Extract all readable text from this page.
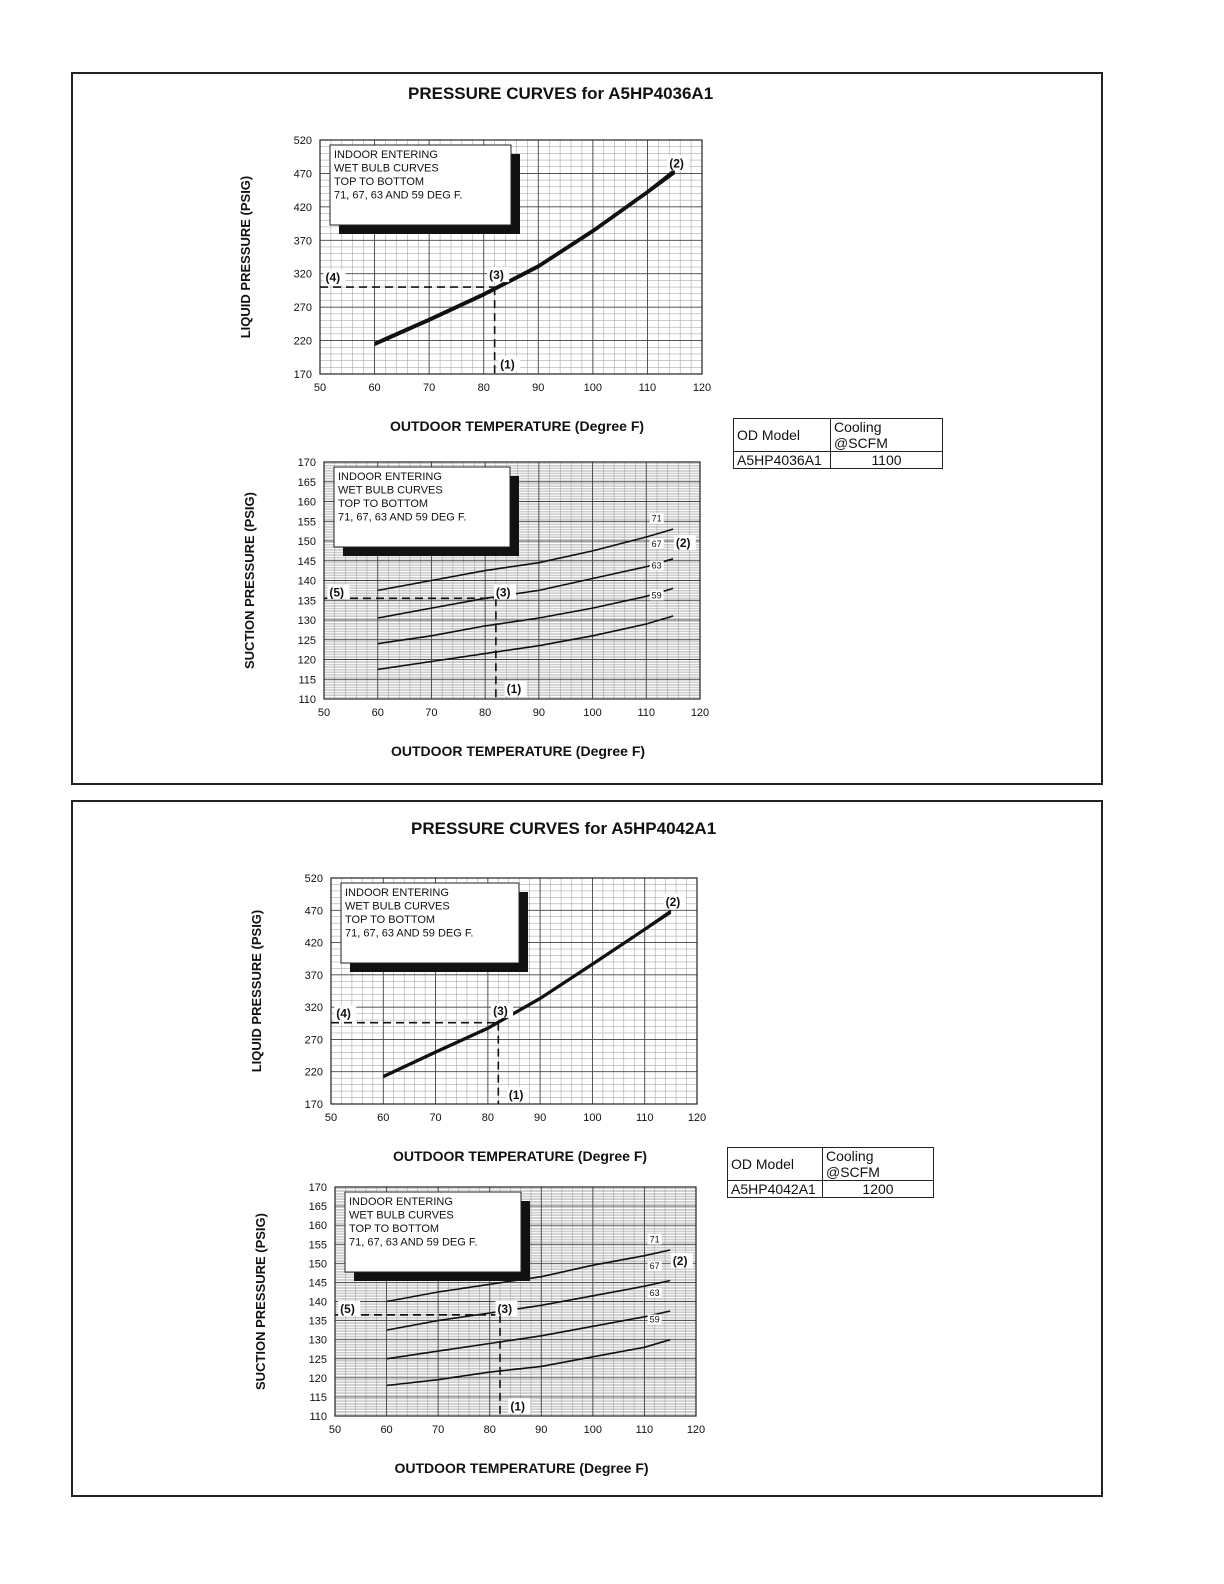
PRESSURE CURVES for A5HP4036A1
OD Model	Cooling @SCFM
A5HP4036A1	1100
PRESSURE CURVES for A5HP4042A1
OD Model	Cooling @SCFM
A5HP4042A1	1200
50	60	70	80	90	100	110	120
170
220
270
320
370
420
470
520
OUTDOOR TEMPERATURE (Degree F)
LIQUID PRESSURE (PSIG)
(1)
(2)
(3)
(4)
INDOOR ENTERING
WET BULB CURVES
TOP TO BOTTOM
71, 67, 63 AND 59 DEG F.
50	60	70	80	90	100	110	120
110
115
120
125
130
135
140
145
150
155
160
165
170
OUTDOOR TEMPERATURE (Degree F)
SUCTION PRESSURE (PSIG)	71
67
63
59
(1)
(2)
(3)
(5)
INDOOR ENTERING
WET BULB CURVES
TOP TO BOTTOM
71, 67, 63 AND 59 DEG F.
50	60	70	80	90	100	110	120
170
220
270
320
370
420
470
520
OUTDOOR TEMPERATURE (Degree F)
LIQUID PRESSURE (PSIG)
(1)
(2)
(3)
(4)
INDOOR ENTERING
WET BULB CURVES
TOP TO BOTTOM
71, 67, 63 AND 59 DEG F.
50	60	70	80	90	100	110	120
110
115
120
125
130
135
140
145
150
155
160
165
170
OUTDOOR TEMPERATURE (Degree F)
SUCTION PRESSURE (PSIG)	71
67
63
59
(1)
(2)
(3)
(5)
INDOOR ENTERING
WET BULB CURVES
TOP TO BOTTOM
71, 67, 63 AND 59 DEG F.
